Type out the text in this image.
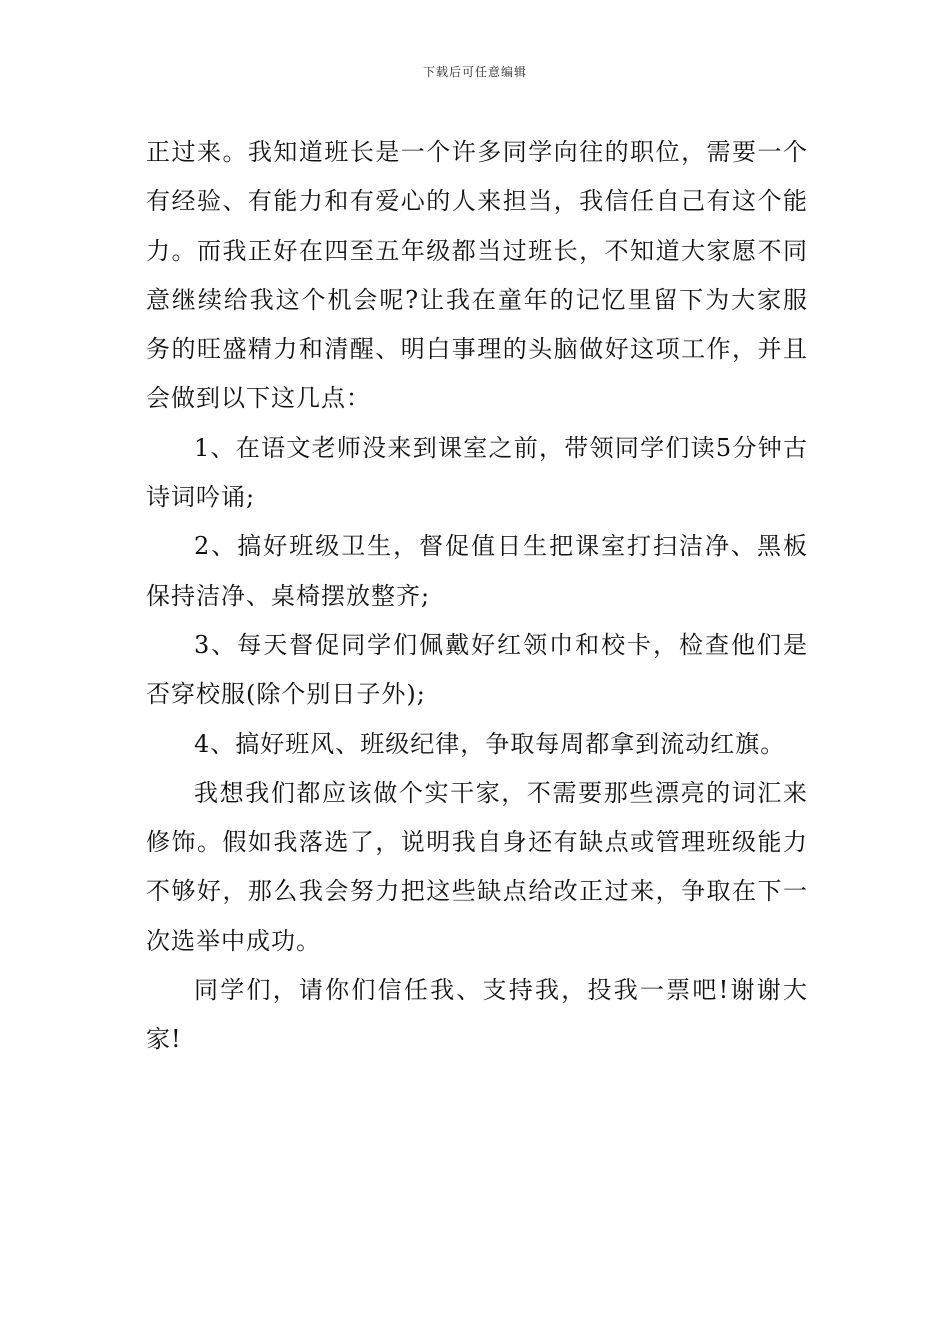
下载后可任意编辑

正过来。我知道班长是一个许多同学向往的职位，需要一个有经验、有能力和有爱心的人来担当，我信任自己有这个能力。而我正好在四至五年级都当过班长，不知道大家愿不同意继续给我这个机会呢?让我在童年的记忆里留下为大家服务的旺盛精力和清醒、明白事理的头脑做好这项工作，并且会做到以下这几点：

1、在语文老师没来到课室之前，带领同学们读5分钟古诗词吟诵;

2、搞好班级卫生，督促值日生把课室打扫洁净、黑板保持洁净、桌椅摆放整齐;

3、每天督促同学们佩戴好红领巾和校卡，检查他们是否穿校服(除个别日子外);

4、搞好班风、班级纪律，争取每周都拿到流动红旗。

我想我们都应该做个实干家，不需要那些漂亮的词汇来修饰。假如我落选了，说明我自身还有缺点或管理班级能力不够好，那么我会努力把这些缺点给改正过来，争取在下一次选举中成功。

同学们，请你们信任我、支持我，投我一票吧!谢谢大家!
